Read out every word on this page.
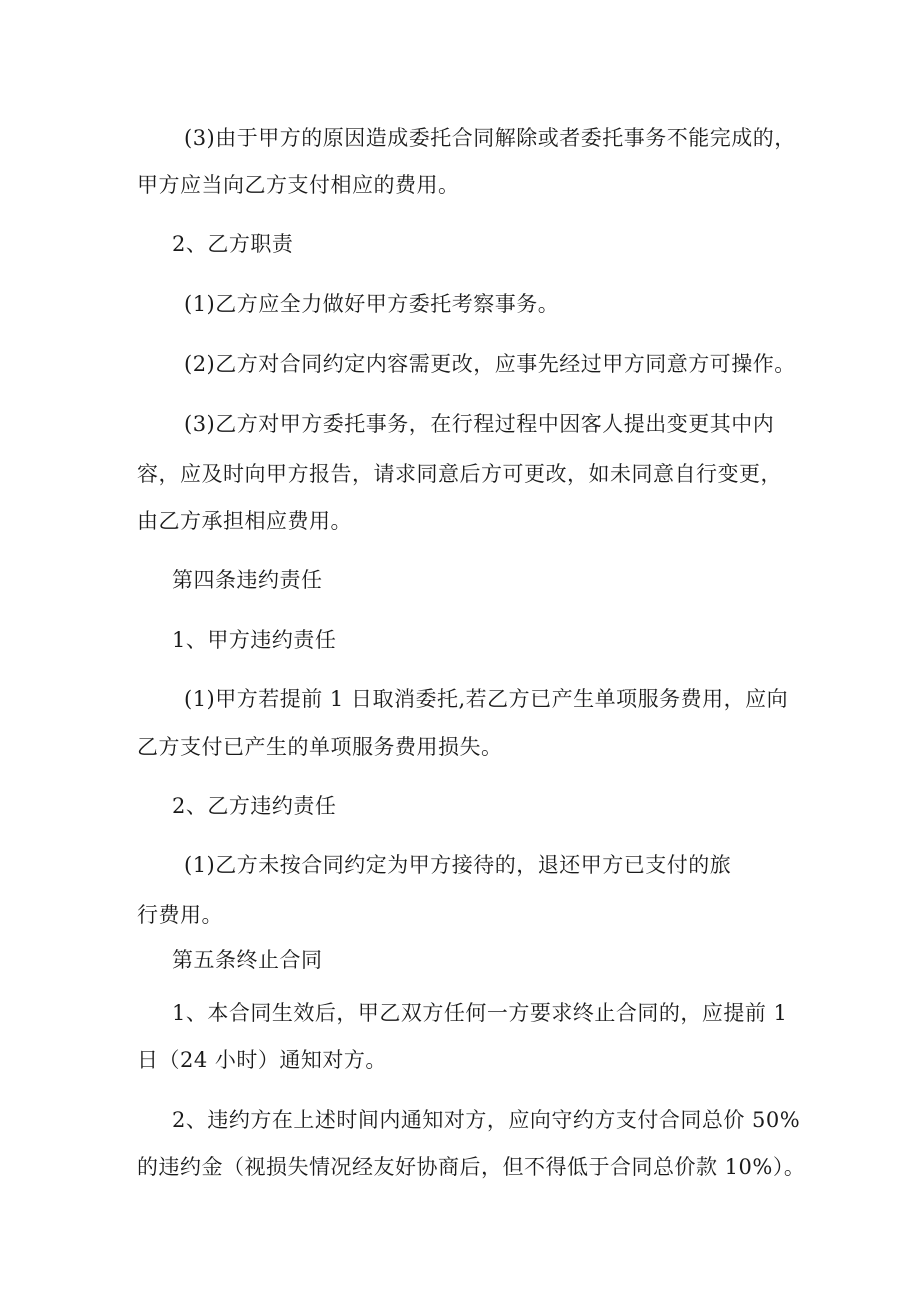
(3)由于甲方的原因造成委托合同解除或者委托事务不能完成的，
甲方应当向乙方支付相应的费用。
2、乙方职责
(1)乙方应全力做好甲方委托考察事务。
(2)乙方对合同约定内容需更改，应事先经过甲方同意方可操作。
(3)乙方对甲方委托事务，在行程过程中因客人提出变更其中内
容，应及时向甲方报告，请求同意后方可更改，如未同意自行变更，
由乙方承担相应费用。
第四条违约责任
1、甲方违约责任
(1)甲方若提前 1 日取消委托,若乙方已产生单项服务费用，应向
乙方支付已产生的单项服务费用损失。
2、乙方违约责任
(1)乙方未按合同约定为甲方接待的，退还甲方已支付的旅
行费用。
第五条终止合同
1、本合同生效后，甲乙双方任何一方要求终止合同的，应提前 1
日（24 小时）通知对方。
2、违约方在上述时间内通知对方，应向守约方支付合同总价 50%
的违约金（视损失情况经友好协商后，但不得低于合同总价款 10%）。
